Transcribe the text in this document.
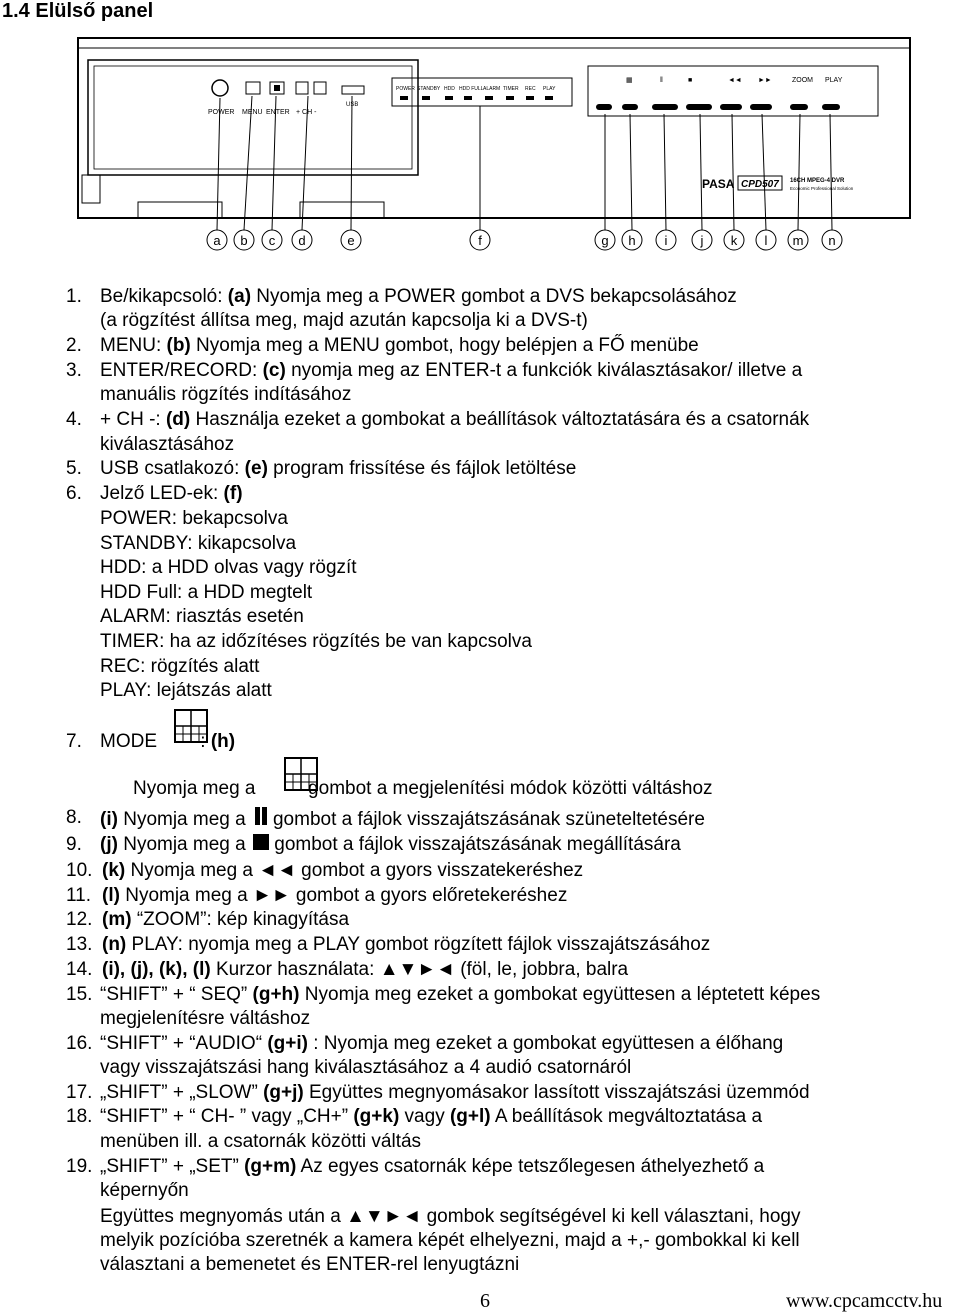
1.4 Elülső panel
POWER MENU ENTER + CH -
USB
POWER STANDBY HDD HDD FULL ALARM TIMER REC PLAY
▦	‖	■	◄◄ ►►	ZOOM PLAY
PASA CPD507 16CH MPEG-4 DVR
Economic Professional Solution
a b c d	e	f	g h i	j k l m n
1. Be/kikapcsoló: (a) Nyomja meg a POWER gombot a DVS bekapcsolásához
(a rögzítést állítsa meg, majd azután kapcsolja ki a DVS-t)
2. MENU: (b) Nyomja meg a MENU gombot, hogy belépjen a FŐ menübe
3. ENTER/RECORD: (c) nyomja meg az ENTER-t a funkciók kiválasztásakor/ illetve a
manuális rögzítés indításához
4. + CH -: (d) Használja ezeket a gombokat a beállítások változtatására és a csatornák
kiválasztásához
5. USB csatlakozó: (e) program frissítése és fájlok letöltése
6. Jelző LED-ek: (f)
POWER: bekapcsolva
STANDBY: kikapcsolva
HDD: a HDD olvas vagy rögzít
HDD Full: a HDD megtelt
ALARM: riasztás esetén
TIMER: ha az időzítéses rögzítés be van kapcsolva
REC: rögzítés alatt
PLAY: lejátszás alatt
7. MODE : (h)
Nyomja meg a  gombot a megjelenítési módok közötti váltáshoz
8. (i) Nyomja meg a
gombot a fájlok visszajátszásának szüneteltetésére
9. (j) Nyomja meg a  gombot a fájlok visszajátszásának megállítására
10. (k) Nyomja meg a ◄◄ gombot a gyors visszatekeréshez
11. (l) Nyomja meg a ►► gombot a gyors előretekeréshez
12. (m) “ZOOM”: kép kinagyítása
13. (n) PLAY: nyomja meg a PLAY gombot rögzített fájlok visszajátszásához
14. (i), (j), (k), (l) Kurzor használata: ▲▼►◄ (föl, le, jobbra, balra
15. “SHIFT” + “ SEQ” (g+h) Nyomja meg ezeket a gombokat együttesen a léptetett képes
megjelenítésre váltáshoz
16. “SHIFT” + “AUDIO“ (g+i) : Nyomja meg ezeket a gombokat együttesen a élőhang
vagy visszajátszási hang kiválasztásához a 4 audió csatornáról
17. „SHIFT” + „SLOW” (g+j) Együttes megnyomásakor lassított visszajátszási üzemmód
18. “SHIFT” + “ CH- ” vagy „CH+” (g+k) vagy (g+l) A beállítások megváltoztatása a
menüben ill. a csatornák közötti váltás
19. „SHIFT” + „SET” (g+m) Az egyes csatornák képe tetszőlegesen áthelyezhető a
képernyőn
Együttes megnyomás után a ▲▼►◄ gombok segítségével ki kell választani, hogy
melyik pozícióba szeretnék a kamera képét elhelyezni, majd a +,- gombokkal ki kell
választani a bemenetet és ENTER-rel lenyugtázni
6	www.cpcamcctv.hu
